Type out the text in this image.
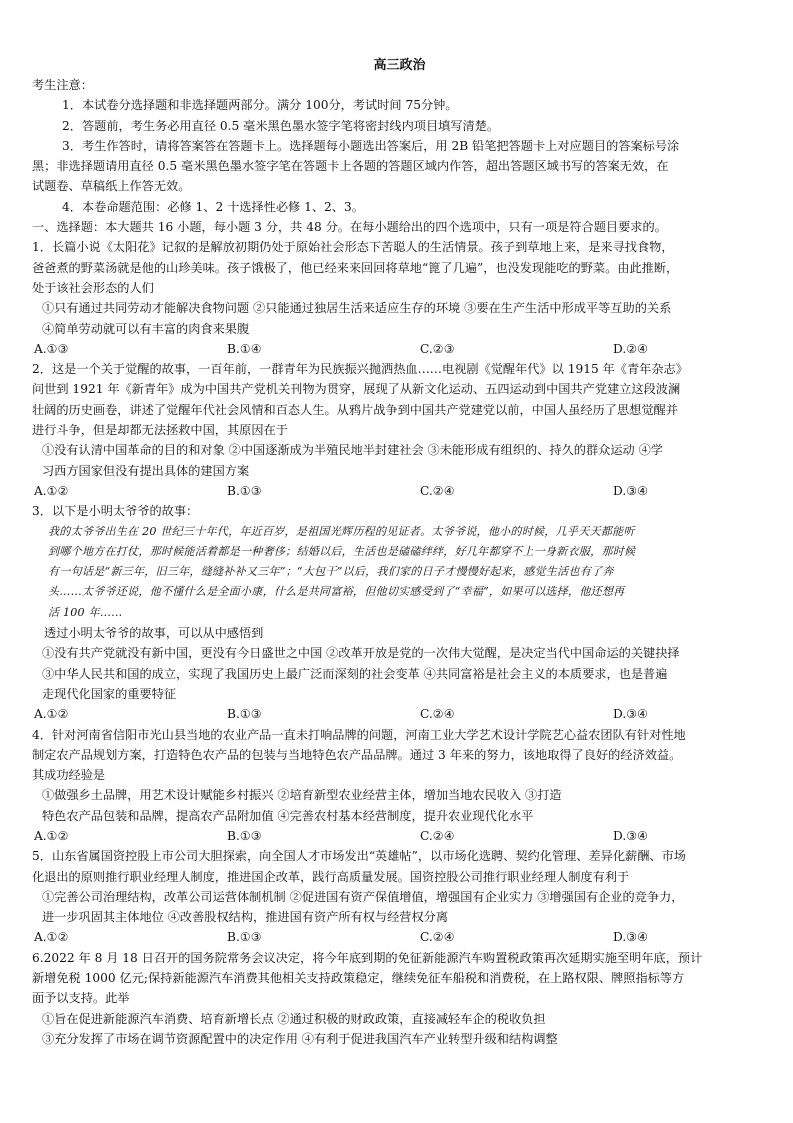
高三政治

考生注意：

1．本试卷分选择题和非选择题两部分。满分 100分，考试时间 75分钟。

2．答题前，考生务必用直径 0.5 毫米黑色墨水签字笔将密封线内项目填写清楚。

3．考生作答时，请将答案答在答题卡上。选择题每小题选出答案后，用 2B 铅笔把答题卡上对应题目的答案标号涂

黑；非选择题请用直径 0.5 毫米黑色墨水签字笔在答题卡上各题的答题区域内作答，超出答题区域书写的答案无效，在

试题卷、草稿纸上作答无效。

4．本卷命题范围：必修 1、2 十选择性必修 1、2、3。

一、选择题：本大题共 16 小题，每小题 3 分，共 48 分。在每小题给出的四个选项中，只有一项是符合题目要求的。

1．长篇小说《太阳花》记叙的是解放初期仍处于原始社会形态下苦聪人的生活情景。孩子到草地上来，是来寻找食物，

爸爸煮的野菜汤就是他的山珍美味。孩子饿极了，他已经来来回回将草地“篦了几遍”，也没发现能吃的野菜。由此推断，

处于该社会形态的人们

①只有通过共同劳动才能解决食物问题 ②只能通过独居生活来适应生存的环境 ③要在生产生活中形成平等互助的关系

④简单劳动就可以有丰富的肉食来果腹

A.①③	B.①④	C.②③	D.②④

2．这是一个关于觉醒的故事，一百年前，一群青年为民族振兴抛洒热血……电视剧《觉醒年代》以 1915 年《青年杂志》

问世到 1921 年《新青年》成为中国共产党机关刊物为贯穿，展现了从新文化运动、五四运动到中国共产党建立这段波澜

壮阔的历史画卷，讲述了觉醒年代社会风情和百态人生。从鸦片战争到中国共产党建党以前，中国人虽经历了思想觉醒并

进行斗争，但是却都无法拯救中国，其原因在于

①没有认清中国革命的目的和对象 ②中国逐渐成为半殖民地半封建社会 ③未能形成有组织的、持久的群众运动 ④学

习西方国家但没有提出具体的建国方案

A.①②	B.①③	C.②④	D.③④

3．以下是小明太爷爷的故事：

我的太爷爷出生在 20 世纪三十年代，年近百岁，是祖国光辉历程的见证者。太爷爷说，他小的时候，几乎天天都能听
到哪个地方在打仗，那时候能活着都是一种奢侈；结婚以后，生活也是磕磕绊绊，好几年都穿不上一身新衣服，那时候
有一句话是“新三年，旧三年，缝缝补补又三年”；“大包干”以后，我们家的日子才慢慢好起来，感觉生活也有了奔
头……太爷爷还说，他不懂什么是全面小康，什么是共同富裕，但他切实感受到了“幸福”，如果可以选择，他还想再
活 100 年……

透过小明太爷爷的故事，可以从中感悟到

①没有共产党就没有新中国，更没有今日盛世之中国 ②改革开放是党的一次伟大觉醒，是决定当代中国命运的关键抉择

③中华人民共和国的成立，实现了我国历史上最广泛而深刻的社会变革 ④共同富裕是社会主义的本质要求，也是普遍

走现代化国家的重要特征

A.①②	B.①③	C.②④	D.③④

4．针对河南省信阳市光山县当地的农业产品一直未打响品牌的问题，河南工业大学艺术设计学院艺心益农团队有针对性地

制定农产品规划方案，打造特色农产品的包装与当地特色农产品品牌。通过 3 年来的努力，该地取得了良好的经济效益。

其成功经验是

①做强乡土品牌，用艺术设计赋能乡村振兴 ②培育新型农业经营主体，增加当地农民收入 ③打造

特色农产品包装和品牌，提高农产品附加值 ④完善农村基本经营制度，提升农业现代化水平

A.①②	B.①③	C.②④	D.③④

5．山东省属国资控股上市公司大胆探索，向全国人才市场发出“英雄帖”，以市场化选聘、契约化管理、差异化薪酬、市场

化退出的原则推行职业经理人制度，推进国企改革，践行高质量发展。国资控股公司推行职业经理人制度有利于

①完善公司治理结构，改革公司运营体制机制 ②促进国有资产保值增值，增强国有企业实力 ③增强国有企业的竞争力，

进一步巩固其主体地位 ④改善股权结构，推进国有资产所有权与经营权分离

A.①②	B.①③	C.②④	D.③④

6.2022 年 8 月 18 日召开的国务院常务会议决定，将今年底到期的免征新能源汽车购置税政策再次延期实施至明年底，预计

新增免税 1000 亿元;保持新能源汽车消费其他相关支持政策稳定，继续免征车船税和消费税，在上路权限、牌照指标等方

面予以支持。此举

①旨在促进新能源汽车消费、培育新增长点 ②通过积极的财政政策，直接减轻车企的税收负担

③充分发挥了市场在调节资源配置中的决定作用 ④有利于促进我国汽车产业转型升级和结构调整
